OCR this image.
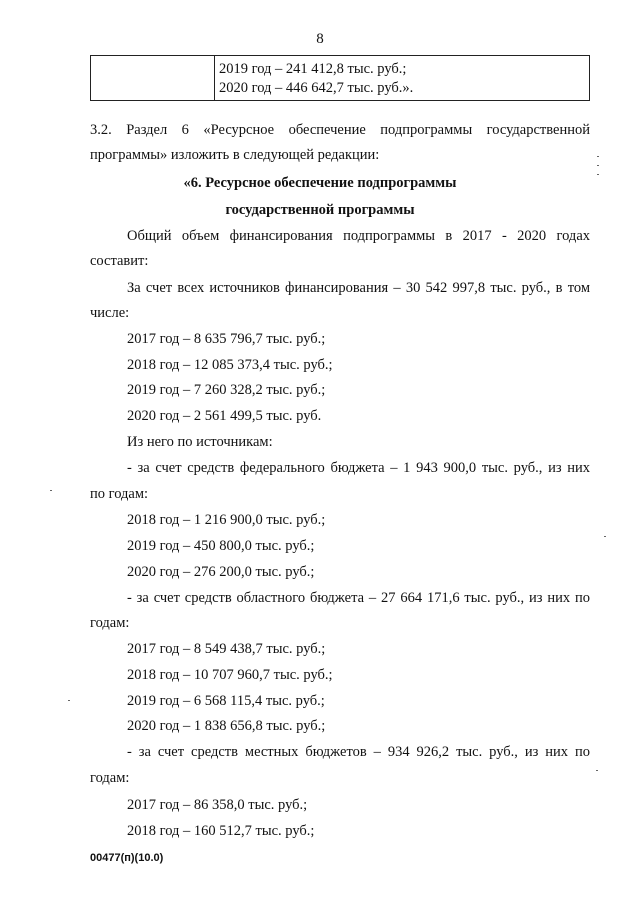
8
2019 год – 241 412,8 тыс. руб.;
2020 год – 446 642,7 тыс. руб.».
3.2. Раздел 6 «Ресурсное обеспечение подпрограммы государственной
программы» изложить в следующей редакции:
«6. Ресурсное обеспечение подпрограммы
государственной программы
Общий объем финансирования подпрограммы в 2017 - 2020 годах
составит:
За счет всех источников финансирования – 30 542 997,8 тыс. руб., в том
числе:
2017 год – 8 635 796,7 тыс. руб.;
2018 год – 12 085 373,4 тыс. руб.;
2019 год – 7 260 328,2 тыс. руб.;
2020 год – 2 561 499,5 тыс. руб.
Из него по источникам:
- за счет средств федерального бюджета – 1 943 900,0 тыс. руб., из них
по годам:
2018 год – 1 216 900,0 тыс. руб.;
2019 год – 450 800,0 тыс. руб.;
2020 год – 276 200,0 тыс. руб.;
- за счет средств областного бюджета – 27 664 171,6 тыс. руб., из них по
годам:
2017 год – 8 549 438,7 тыс. руб.;
2018 год – 10 707 960,7 тыс. руб.;
2019 год – 6 568 115,4 тыс. руб.;
2020 год – 1 838 656,8 тыс. руб.;
- за счет средств местных бюджетов – 934 926,2 тыс. руб., из них по
годам:
2017 год – 86 358,0 тыс. руб.;
2018 год – 160 512,7 тыс. руб.;
00477(п)(10.0)
